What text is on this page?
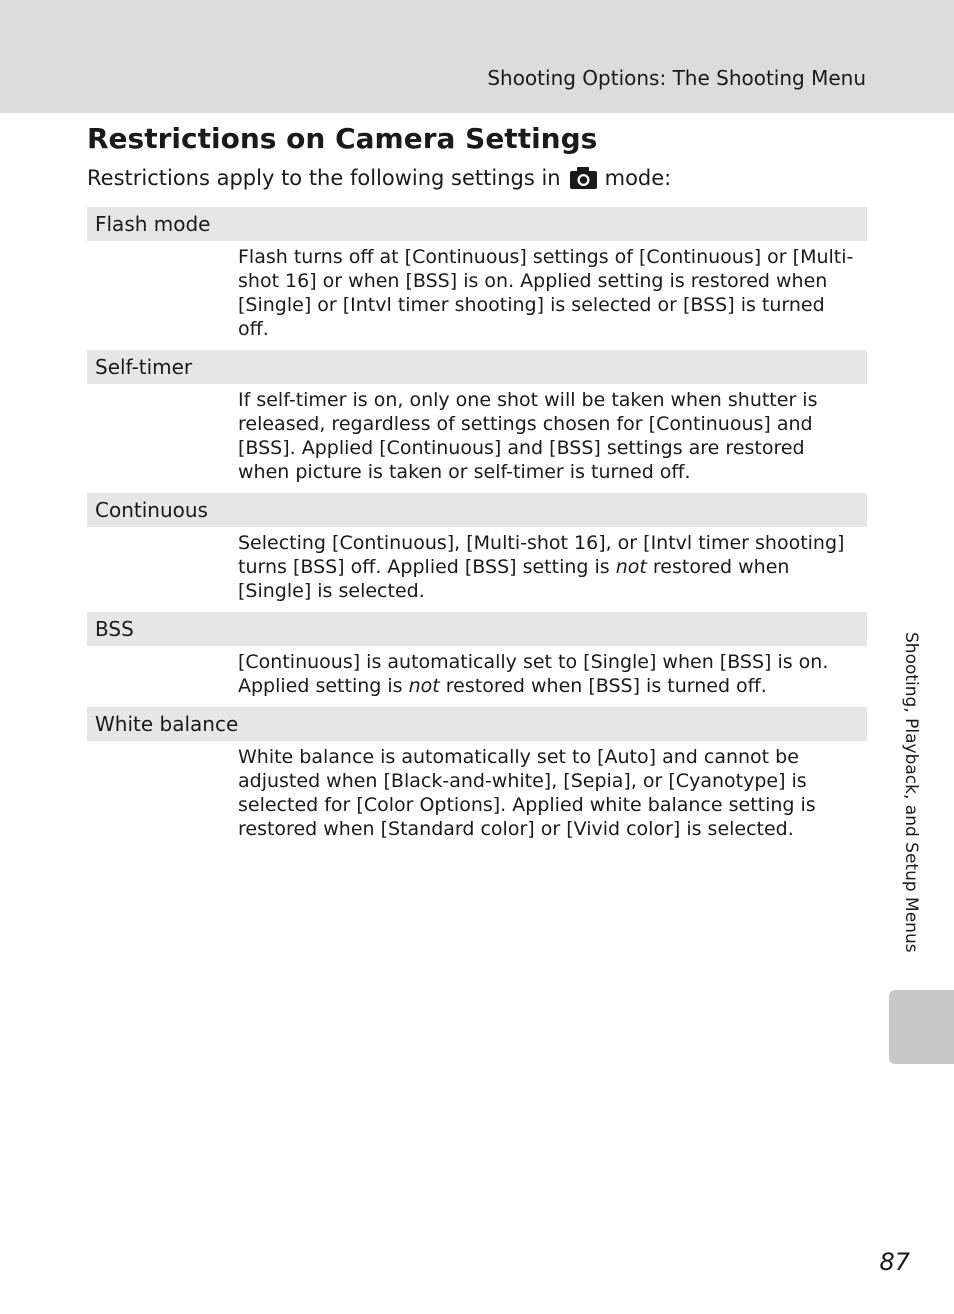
Shooting Options: The Shooting Menu
Restrictions on Camera Settings
Restrictions apply to the following settings in mode:
Flash mode
Flash turns off at [Continuous] settings of [Continuous] or [Multi-shot 16] or when [BSS] is on. Applied setting is restored when [Single] or [Intvl timer shooting] is selected or [BSS] is turned off.
Self-timer
If self-timer is on, only one shot will be taken when shutter is released, regardless of settings chosen for [Continuous] and [BSS]. Applied [Continuous] and [BSS] settings are restored when picture is taken or self-timer is turned off.
Continuous
Selecting [Continuous], [Multi-shot 16], or [Intvl timer shooting] turns [BSS] off. Applied [BSS] setting is not restored when [Single] is selected.
BSS
[Continuous] is automatically set to [Single] when [BSS] is on. Applied setting is not restored when [BSS] is turned off.
White balance
White balance is automatically set to [Auto] and cannot be adjusted when [Black-and-white], [Sepia], or [Cyanotype] is selected for [Color Options]. Applied white balance setting is restored when [Standard color] or [Vivid color] is selected.	Shooting, Playback, and Setup Menus
87
